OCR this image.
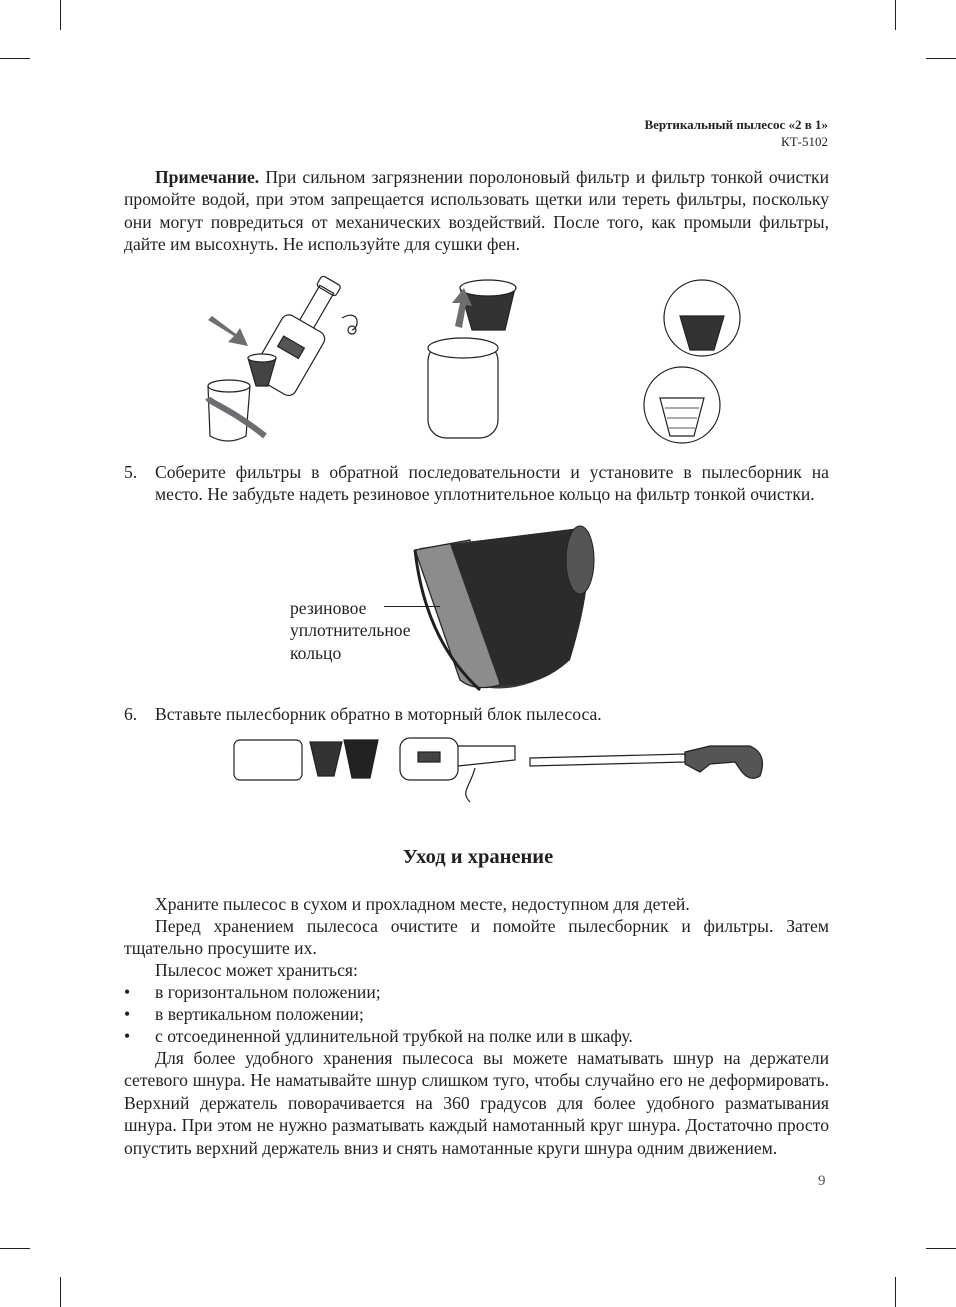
Вертикальный пылесос «2 в 1»
КТ-5102
Примечание. При сильном загрязнении поролоновый фильтр и фильтр тонкой очистки промойте водой, при этом запрещается использовать щетки или тереть фильтры, поскольку они могут повредиться от механических воздействий. После того, как промыли фильтры, дайте им высохнуть. Не используйте для сушки фен.
5.	Соберите фильтры в обратной последовательности и установите в пылесборник на место. Не забудьте надеть резиновое уплотнительное кольцо на фильтр тонкой очистки.
резиновое
уплотнительное
кольцо
6.	Вставьте пылесборник обратно в моторный блок пылесоса.
Уход и хранение
Храните пылесос в сухом и прохладном месте, недоступном для детей.
Перед хранением пылесоса очистите и помойте пылесборник и фильтры. Затем тщательно просушите их.
Пылесос может храниться:
• в горизонтальном положении;
• в вертикальном положении;
• с отсоединенной удлинительной трубкой на полке или в шкафу.
Для более удобного хранения пылесоса вы можете наматывать шнур на держатели сетевого шнура. Не наматывайте шнур слишком туго, чтобы случайно его не деформировать. Верхний держатель поворачивается на 360 градусов для более удобного разматывания шнура. При этом не нужно разматывать каждый намотанный круг шнура. Достаточно просто опустить верхний держатель вниз и снять намотанные круги шнура одним движением.
9
